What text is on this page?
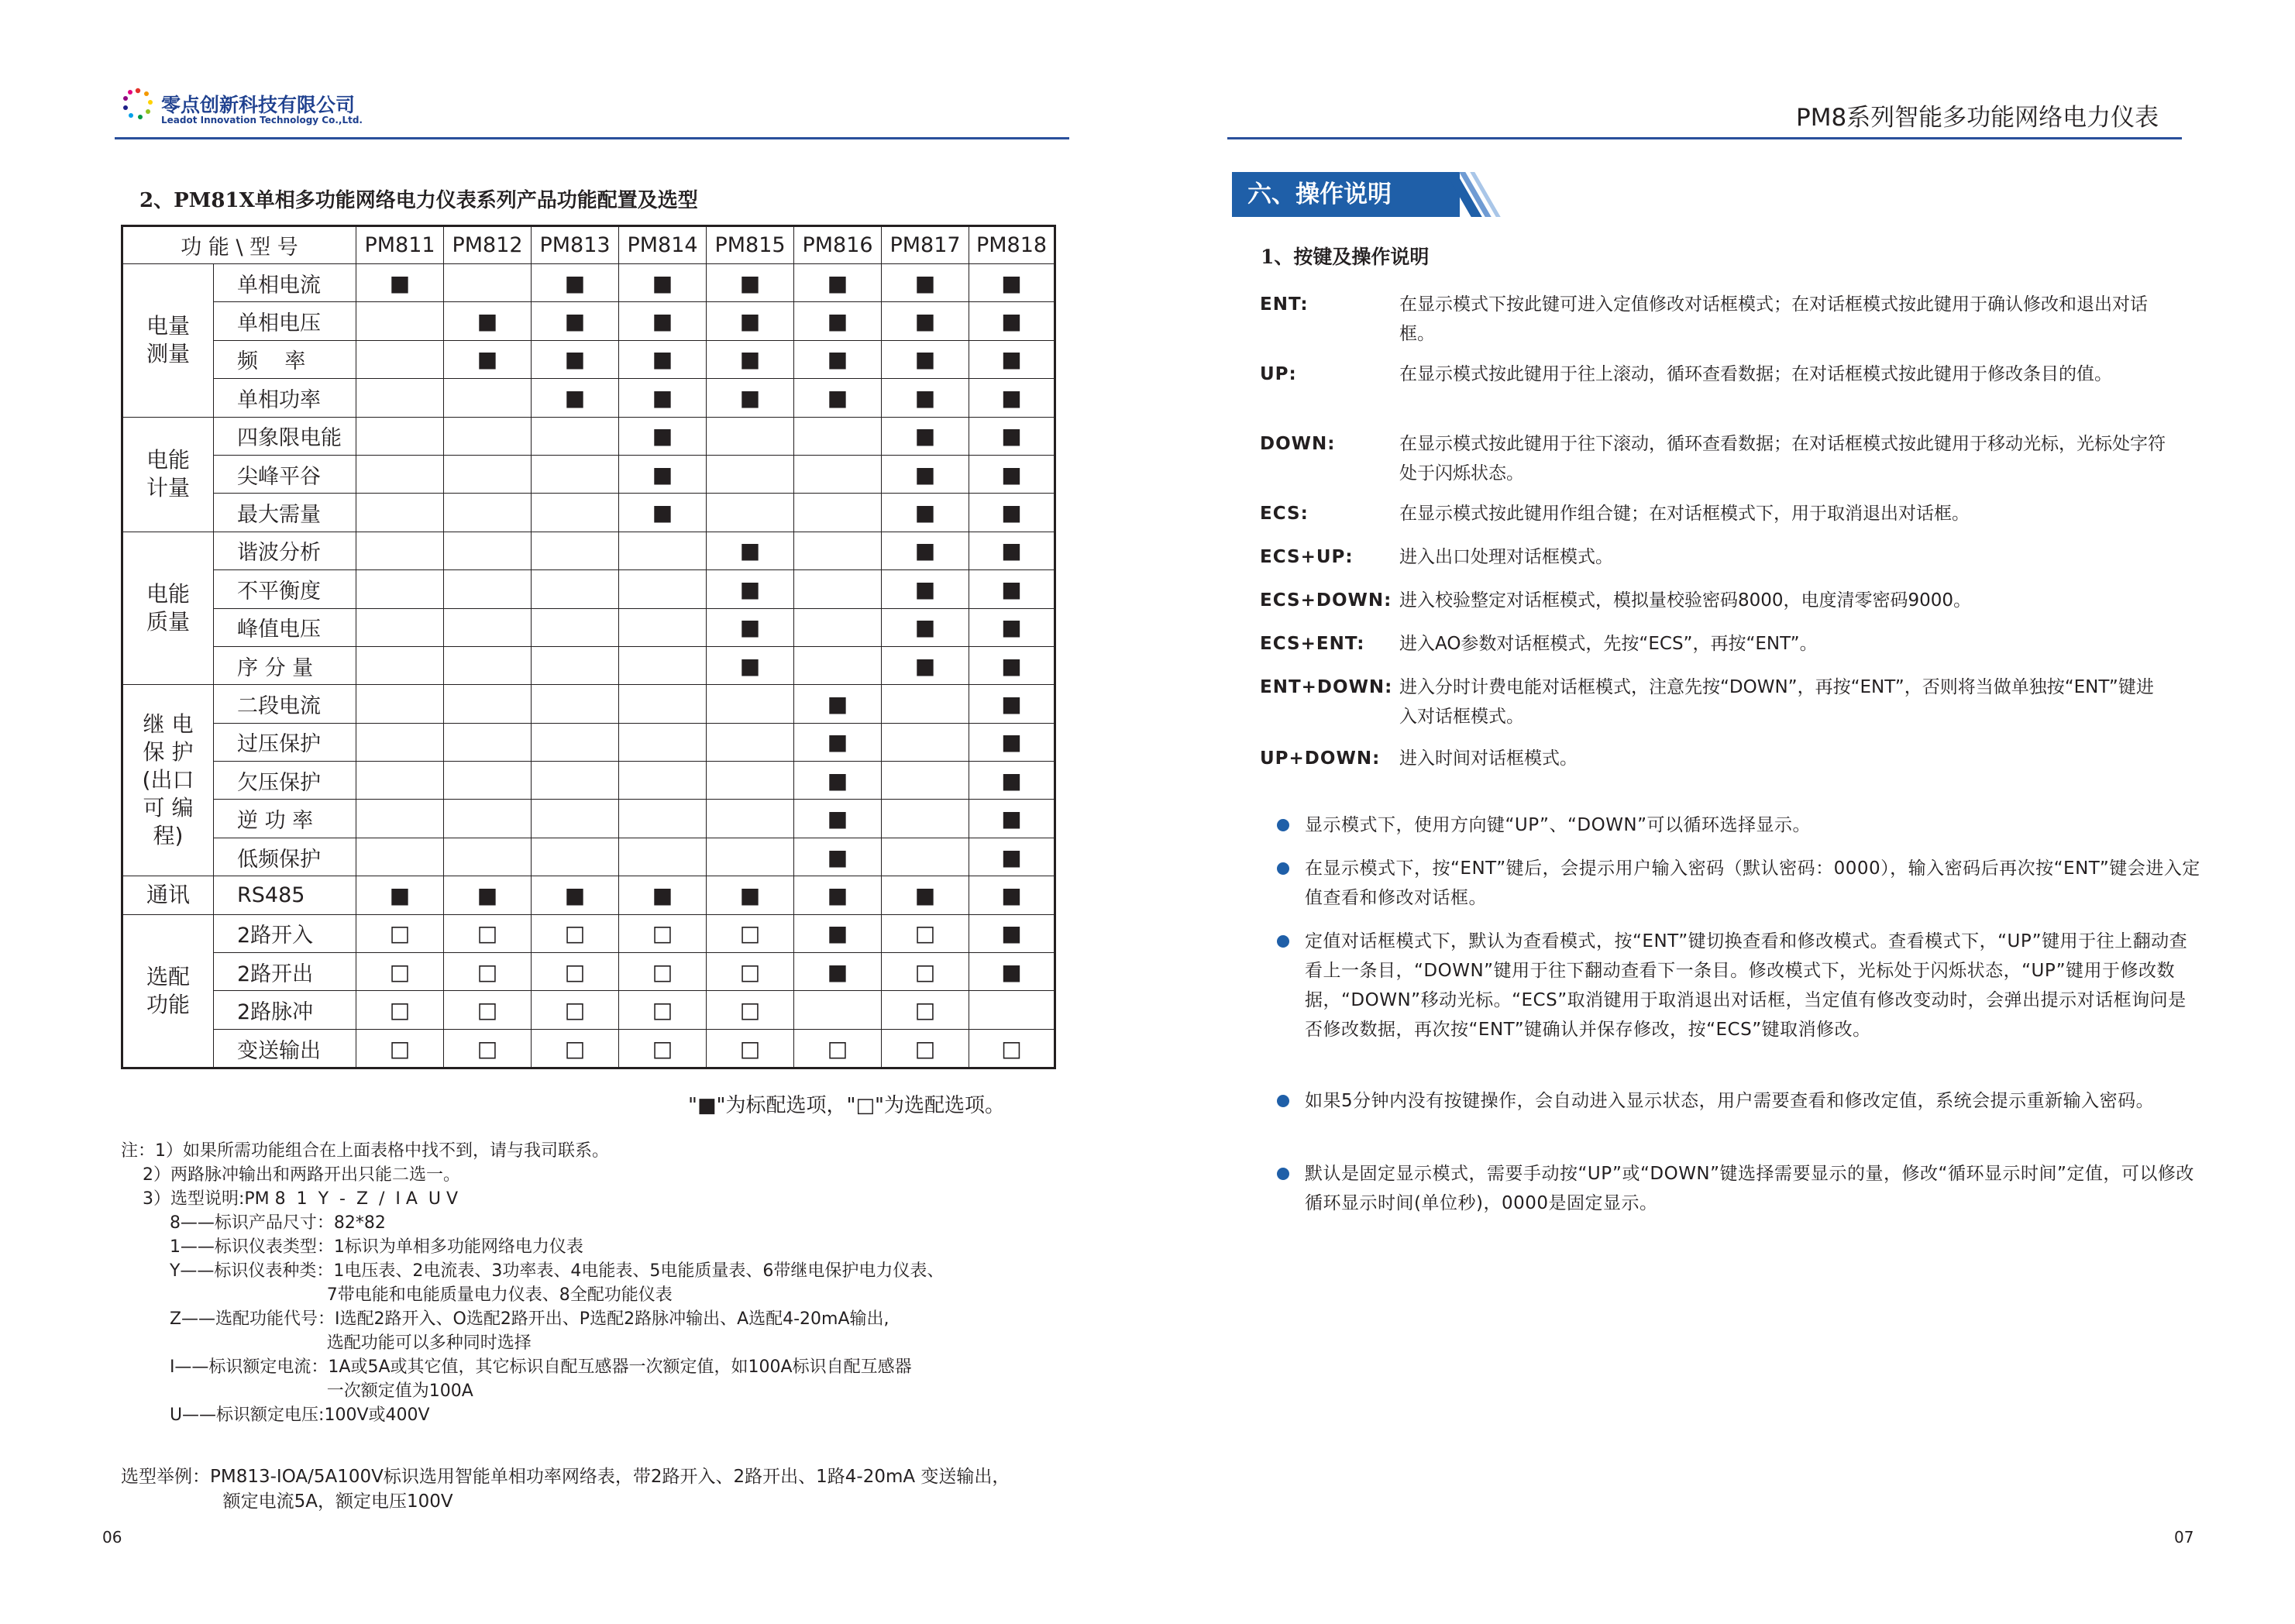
零点创新科技有限公司
Leadot Innovation Technology Co.,Ltd.
2、PM81X单相多功能网络电力仪表系列产品功能配置及选型
功 能 \ 型 号		PM811	PM812	PM813	PM814	PM815	PM816	PM817	PM818
电量
测量	单相电流	■		■	■	■	■	■	■
	单相电压		■	■	■	■	■	■	■
	频    率		■	■	■	■	■	■	■
	单相功率			■	■	■	■	■	■
电能
计量	四象限电能				■			■	■
	尖峰平谷				■			■	■
	最大需量				■			■	■
电能
质量	谐波分析					■		■	■
	不平衡度					■		■	■
	峰值电压					■		■	■
	序 分 量					■		■	■
继 电
保 护
(出口
可 编
程)	二段电流						■		■
	过压保护						■		■
	欠压保护						■		■
	逆 功 率						■		■
	低频保护						■		■
通讯	RS485	■	■	■	■	■	■	■	■
选配
功能	2路开入	□	□	□	□	□	■	□	■
	2路开出	□	□	□	□	□	■	□	■
	2路脉冲	□	□	□	□	□		□	
	变送输出	□	□	□	□	□	□	□	□
"■"为标配选项，"□"为选配选项。
注：1）如果所需功能组合在上面表格中找不到，请与我司联系。
2）两路脉冲输出和两路开出只能二选一。
3）选型说明:PM 8  1  Y  -  Z  /  I A  U V
8——标识产品尺寸：82*82
1——标识仪表类型：1标识为单相多功能网络电力仪表
Y——标识仪表种类：1电压表、2电流表、3功率表、4电能表、5电能质量表、6带继电保护电力仪表、
7带电能和电能质量电力仪表、8全配功能仪表
Z——选配功能代号：I选配2路开入、O选配2路开出、P选配2路脉冲输出、A选配4-20mA输出,
选配功能可以多种同时选择
I——标识额定电流：1A或5A或其它值，其它标识自配互感器一次额定值，如100A标识自配互感器
一次额定值为100A
U——标识额定电压:100V或400V
选型举例：PM813-IOA/5A100V标识选用智能单相功率网络表，带2路开入、2路开出、1路4-20mA 变送输出，
额定电流5A，额定电压100V
06
PM8系列智能多功能网络电力仪表
六、操作说明
1、按键及操作说明
ENT:	在显示模式下按此键可进入定值修改对话框模式；在对话框模式按此键用于确认修改和退出对话框。
UP:	在显示模式按此键用于往上滚动，循环查看数据；在对话框模式按此键用于修改条目的值。
DOWN:	在显示模式按此键用于往下滚动，循环查看数据；在对话框模式按此键用于移动光标，光标处字符处于闪烁状态。
ECS:	在显示模式按此键用作组合键；在对话框模式下，用于取消退出对话框。
ECS+UP:	进入出口处理对话框模式。
ECS+DOWN: 进入校验整定对话框模式，模拟量校验密码8000，电度清零密码9000。
ECS+ENT: 进入AO参数对话框模式，先按“ECS”，再按“ENT”。
ENT+DOWN: 进入分时计费电能对话框模式，注意先按“DOWN”，再按“ENT”，否则将当做单独按“ENT”键进入对话框模式。
UP+DOWN: 进入时间对话框模式。
显示模式下，使用方向键“UP”、“DOWN”可以循环选择显示。
在显示模式下，按“ENT”键后，会提示用户输入密码（默认密码：0000），输入密码后再次按“ENT”键会进入定值查看和修改对话框。
定值对话框模式下，默认为查看模式，按“ENT”键切换查看和修改模式。查看模式下，“UP”键用于往上翻动查看上一条目，“DOWN”键用于往下翻动查看下一条目。修改模式下，光标处于闪烁状态，“UP”键用于修改数据，“DOWN”移动光标。“ECS”取消键用于取消退出对话框，当定值有修改变动时，会弹出提示对话框询问是否修改数据，再次按“ENT”键确认并保存修改，按“ECS”键取消修改。
如果5分钟内没有按键操作，会自动进入显示状态，用户需要查看和修改定值，系统会提示重新输入密码。
默认是固定显示模式，需要手动按“UP”或“DOWN”键选择需要显示的量，修改“循环显示时间”定值，可以修改循环显示时间(单位秒)，0000是固定显示。
07
